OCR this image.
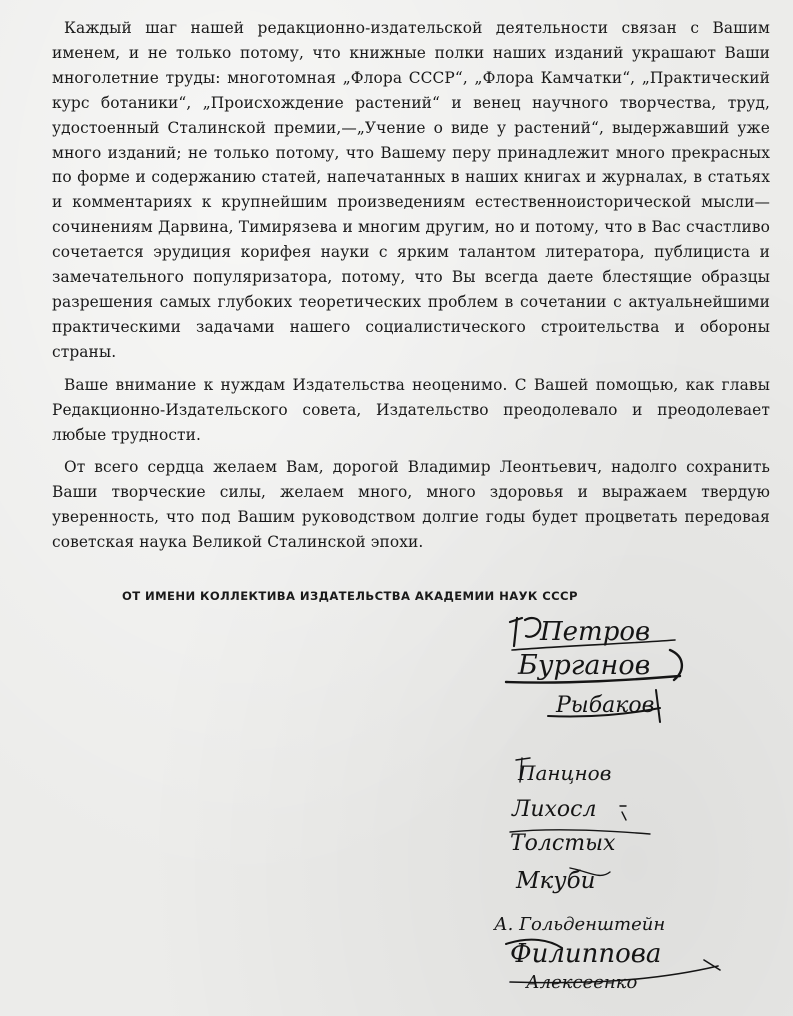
Каждый шаг нашей редакционно-издательской деятельности связан с Вашим именем, и не только потому, что книжные полки наших изданий украшают Ваши многолетние труды: многотомная „Флора СССР“, „Флора Камчатки“, „Практический курс ботаники“, „Происхождение растений“ и венец научного творчества, труд, удостоенный Сталинской премии,—„Учение о виде у растений“, выдержавший уже много изданий; не только потому, что Вашему перу принадлежит много прекрасных по форме и содержанию статей, напечатанных в наших книгах и журналах, в статьях и комментариях к крупнейшим произведениям естественноисторической мысли—сочинениям Дарвина, Тимирязева и многим другим, но и потому, что в Вас счастливо сочетается эрудиция корифея науки с ярким талантом литератора, публициста и замечательного популяризатора, потому, что Вы всегда даете блестящие образцы разрешения самых глубоких теоретических проблем в сочетании с актуальнейшими практическими задачами нашего социалистического строительства и обороны страны.

Ваше внимание к нуждам Издательства неоценимо. С Вашей помощью, как главы Редакционно-Издательского совета, Издательство преодолевало и преодолевает любые трудности.

От всего сердца желаем Вам, дорогой Владимир Леонтьевич, надолго сохранить Ваши творческие силы, желаем много, много здоровья и выражаем твердую уверенность, что под Вашим руководством долгие годы будет процветать передовая советская наука Великой Сталинской эпохи.

ОТ ИМЕНИ КОЛЛЕКТИВА ИЗДАТЕЛЬСТВА АКАДЕМИИ НАУК СССР
Петров
Бурганов
Рыбаков
Панцнов
Лихосл
Толстых
Мкуби
А. Гольденштейн
Филиппова
Алексеенко
